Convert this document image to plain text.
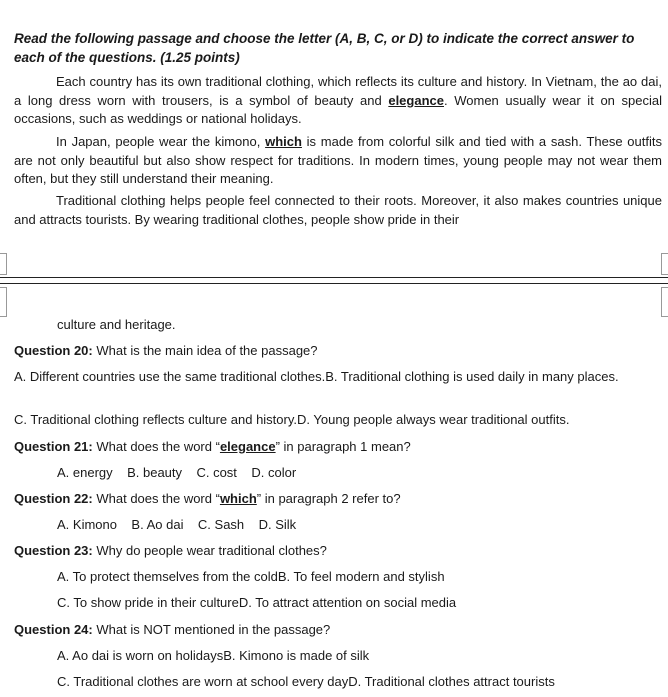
Read the following passage and choose the letter (A, B, C, or D) to indicate the correct answer to each of the questions. (1.25 points)
Each country has its own traditional clothing, which reflects its culture and history. In Vietnam, the ao dai, a long dress worn with trousers, is a symbol of beauty and elegance. Women usually wear it on special occasions, such as weddings or national holidays.
In Japan, people wear the kimono, which is made from colorful silk and tied with a sash. These outfits are not only beautiful but also show respect for traditions. In modern times, young people may not wear them often, but they still understand their meaning.
Traditional clothing helps people feel connected to their roots. Moreover, it also makes countries unique and attracts tourists. By wearing traditional clothes, people show pride in their
culture and heritage.
Question 20: What is the main idea of the passage?
A. Different countries use the same traditional clothes.B. Traditional clothing is used daily in many places.
C. Traditional clothing reflects culture and history.D. Young people always wear traditional outfits.
Question 21: What does the word “elegance” in paragraph 1 mean?
A. energy    B. beauty    C. cost    D. color
Question 22: What does the word “which” in paragraph 2 refer to?
A. Kimono    B. Ao dai    C. Sash    D. Silk
Question 23: Why do people wear traditional clothes?
A. To protect themselves from the coldB. To feel modern and stylish
C. To show pride in their cultureD. To attract attention on social media
Question 24: What is NOT mentioned in the passage?
A. Ao dai is worn on holidaysB. Kimono is made of silk
C. Traditional clothes are worn at school every dayD. Traditional clothes attract tourists
